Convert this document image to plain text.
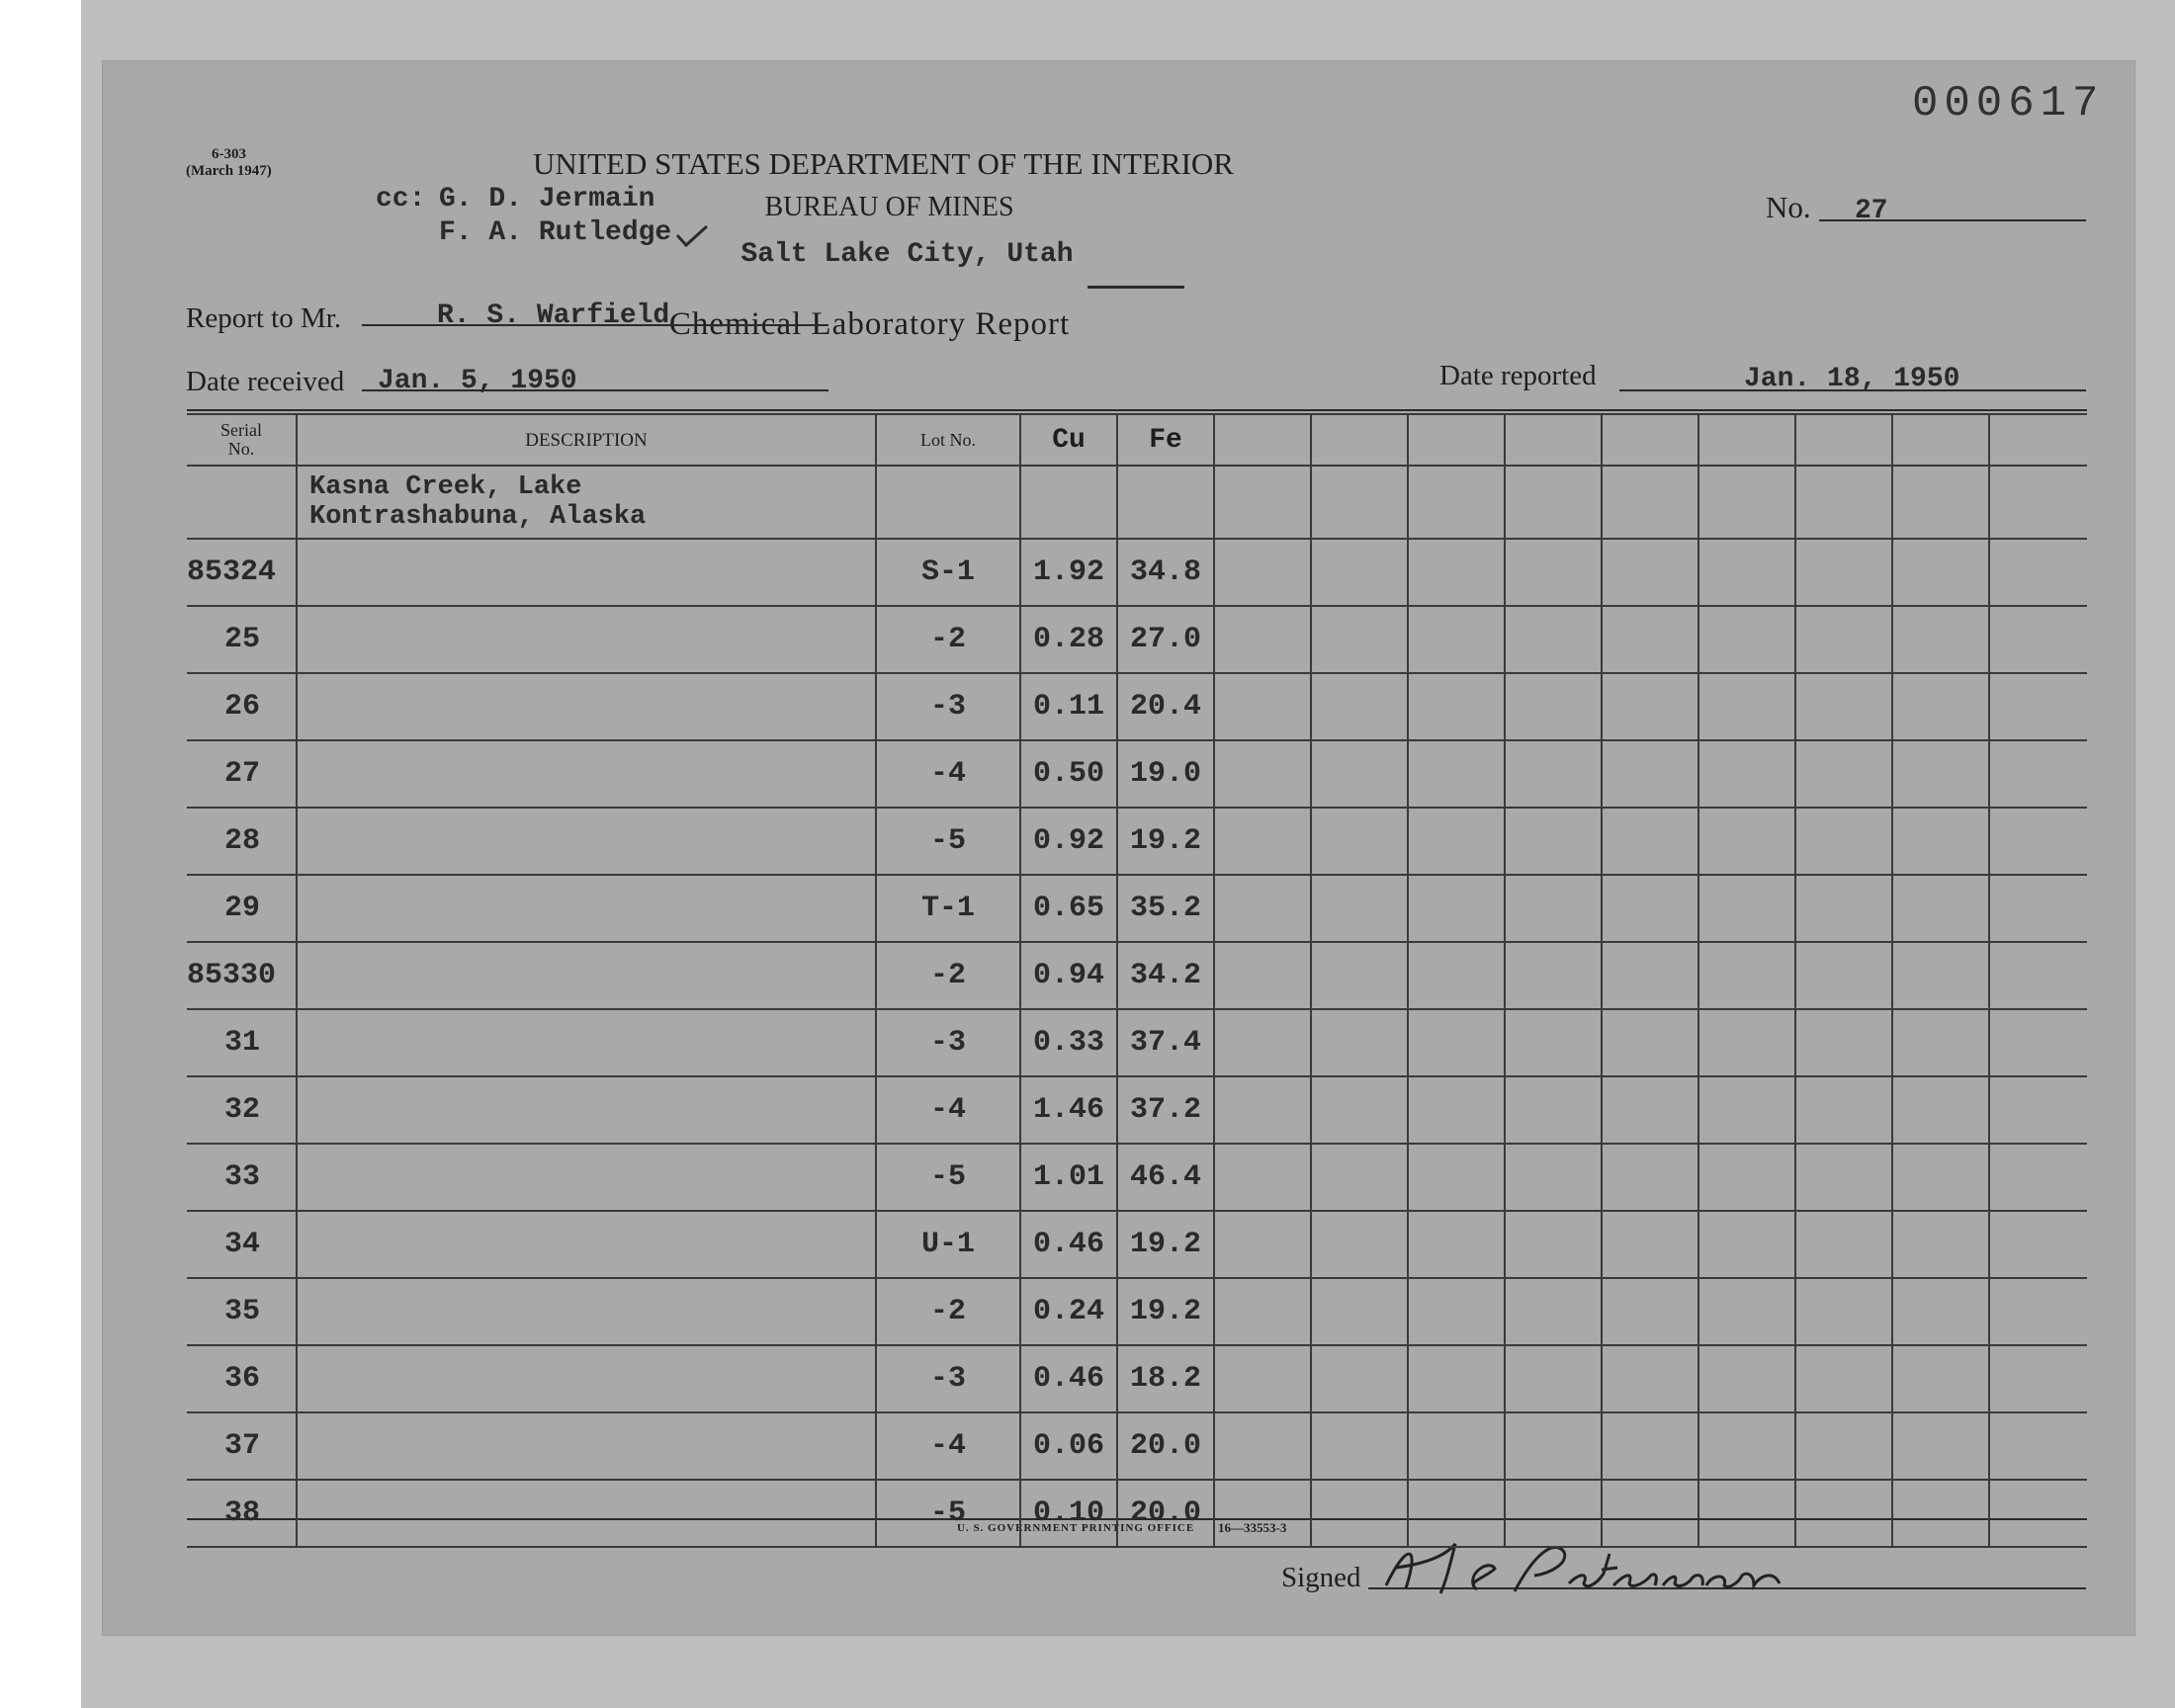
000617
6-303
(March 1947)
cc: G. D. Jermain
F. A. Rutledge
UNITED STATES DEPARTMENT OF THE INTERIOR
BUREAU OF MINES
Salt Lake City, Utah
Chemical Laboratory Report
No. 27
Report to Mr.	R. S. Warfield
Date received Jan. 5, 1950	Date reported	Jan. 18, 1950
U. S. GOVERNMENT PRINTING OFFICE 16—33553-3
Signed
Serial No.	DESCRIPTION	Lot No.	Cu	Fe									
	Kasna Creek, Lake Kontrashabuna, Alaska												
85324		S-1	1.92	34.8									
25		-2	0.28	27.0									
26		-3	0.11	20.4									
27		-4	0.50	19.0									
28		-5	0.92	19.2									
29		T-1	0.65	35.2									
85330		-2	0.94	34.2									
31		-3	0.33	37.4									
32		-4	1.46	37.2									
33		-5	1.01	46.4									
34		U-1	0.46	19.2									
35		-2	0.24	19.2									
36		-3	0.46	18.2									
37		-4	0.06	20.0									
38		-5	0.10	20.0									
